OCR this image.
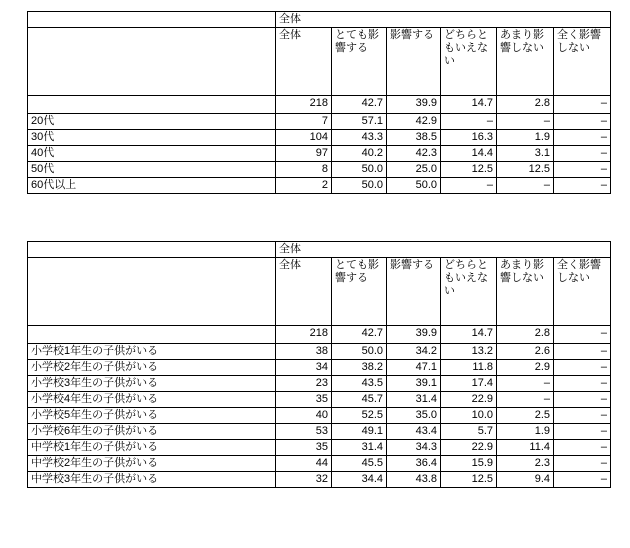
	全体					
	全体	とても影響する	影響する	どちらともいえない	あまり影響しない	全く影響しない
	218	42.7	39.9	14.7	2.8	–
20代	7	57.1	42.9	–	–	–
30代	104	43.3	38.5	16.3	1.9	–
40代	97	40.2	42.3	14.4	3.1	–
50代	8	50.0	25.0	12.5	12.5	–
60代以上	2	50.0	50.0	–	–	–
	全体					
	全体	とても影響する	影響する	どちらともいえない	あまり影響しない	全く影響しない
	218	42.7	39.9	14.7	2.8	–
小学校1年生の子供がいる	38	50.0	34.2	13.2	2.6	–
小学校2年生の子供がいる	34	38.2	47.1	11.8	2.9	–
小学校3年生の子供がいる	23	43.5	39.1	17.4	–	–
小学校4年生の子供がいる	35	45.7	31.4	22.9	–	–
小学校5年生の子供がいる	40	52.5	35.0	10.0	2.5	–
小学校6年生の子供がいる	53	49.1	43.4	5.7	1.9	–
中学校1年生の子供がいる	35	31.4	34.3	22.9	11.4	–
中学校2年生の子供がいる	44	45.5	36.4	15.9	2.3	–
中学校3年生の子供がいる	32	34.4	43.8	12.5	9.4	–
